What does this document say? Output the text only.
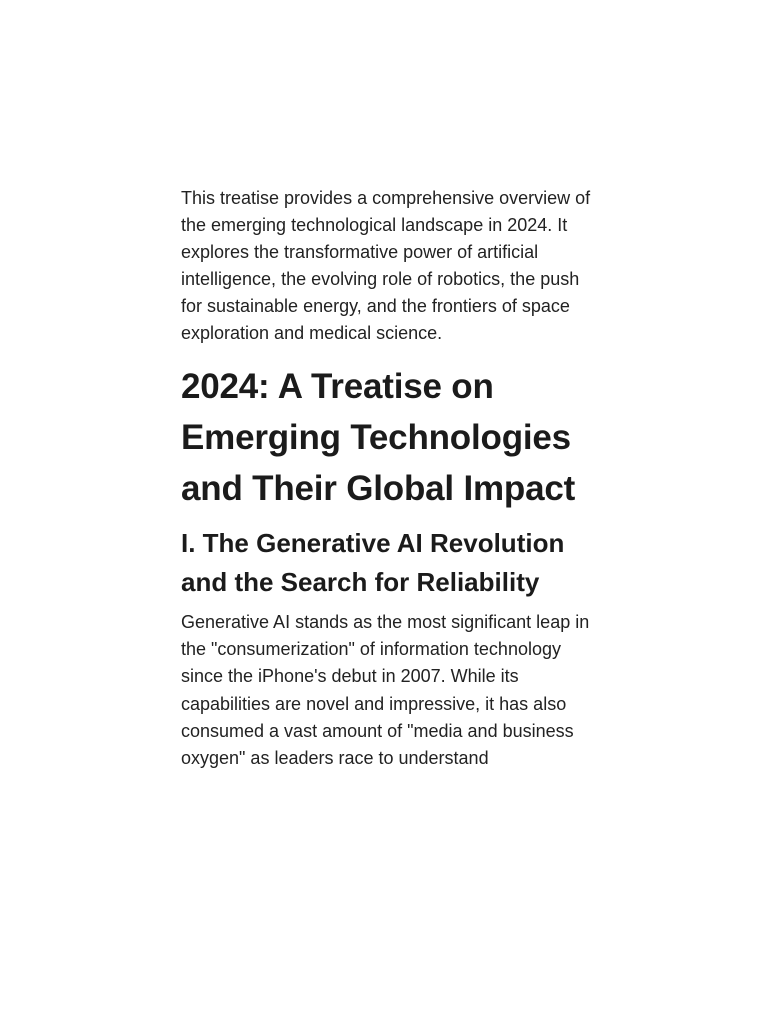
This treatise provides a comprehensive overview of the emerging technological landscape in 2024. It explores the transformative power of artificial intelligence, the evolving role of robotics, the push for sustainable energy, and the frontiers of space exploration and medical science.

2024: A Treatise on Emerging Technologies and Their Global Impact
I. The Generative AI Revolution and the Search for Reliability

Generative AI stands as the most significant leap in the "consumerization" of information technology since the iPhone's debut in 2007. While its capabilities are novel and impressive, it has also consumed a vast amount of "media and business oxygen" as leaders race to understand
